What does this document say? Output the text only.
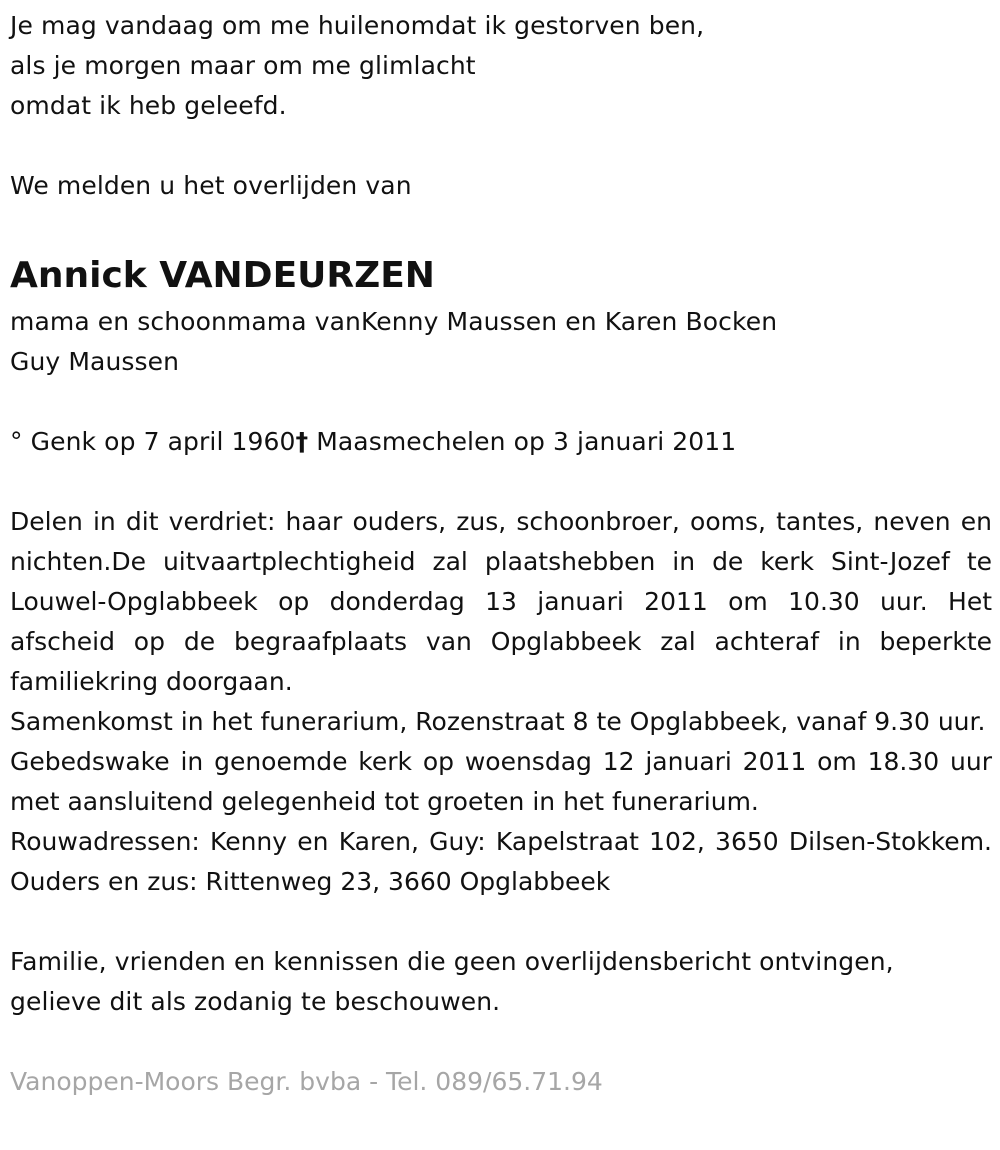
Je mag vandaag om me huilenomdat ik gestorven ben,
als je morgen maar om me glimlacht
omdat ik heb geleefd.
We melden u het overlijden van
Annick VANDEURZEN
mama en schoonmama vanKenny Maussen en Karen Bocken
Guy Maussen
° Genk op 7 april 1960† Maasmechelen op 3 januari 2011
Delen in dit verdriet: haar ouders, zus, schoonbroer, ooms, tantes, neven en nichten.De uitvaartplechtigheid zal plaatshebben in de kerk Sint-Jozef te Louwel-Opglabbeek op donderdag 13 januari 2011 om 10.30 uur. Het afscheid op de begraafplaats van Opglabbeek zal achteraf in beperkte familiekring doorgaan.
Samenkomst in het funerarium, Rozenstraat 8 te Opglabbeek, vanaf 9.30 uur.
Gebedswake in genoemde kerk op woensdag 12 januari 2011 om 18.30 uur met aansluitend gelegenheid tot groeten in het funerarium.
Rouwadressen: Kenny en Karen, Guy: Kapelstraat 102, 3650 Dilsen-Stokkem. Ouders en zus: Rittenweg 23, 3660 Opglabbeek
Familie, vrienden en kennissen die geen overlijdensbericht ontvingen,
gelieve dit als zodanig te beschouwen.
Vanoppen-Moors Begr. bvba - Tel. 089/65.71.94
